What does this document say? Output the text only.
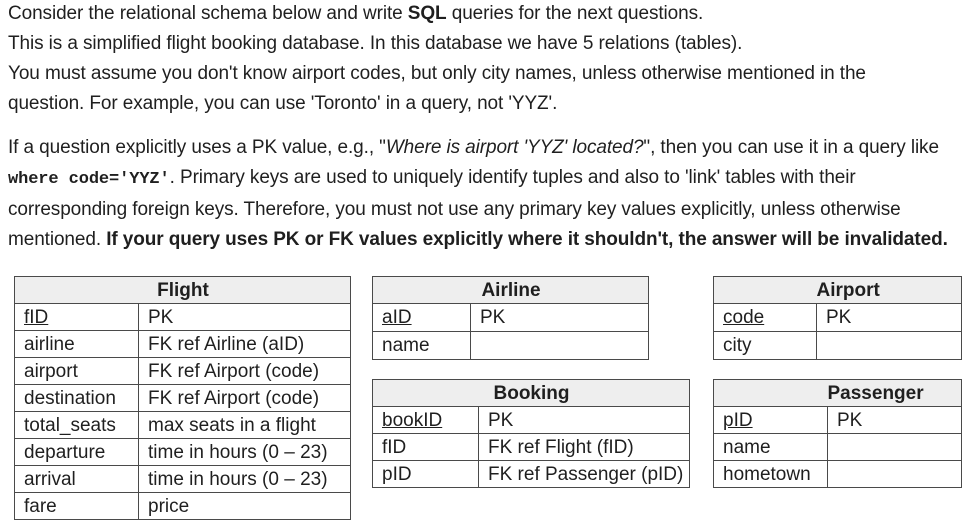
Consider the relational schema below and write SQL queries for the next questions.
This is a simplified flight booking database. In this database we have 5 relations (tables).
You must assume you don't know airport codes, but only city names, unless otherwise mentioned in the
question. For example, you can use 'Toronto' in a query, not 'YYZ'.
If a question explicitly uses a PK value, e.g., "Where is airport 'YYZ' located?", then you can use it in a query like
where code='YYZ'. Primary keys are used to uniquely identify tuples and also to 'link' tables with their
corresponding foreign keys. Therefore, you must not use any primary key values explicitly, unless otherwise
mentioned. If your query uses PK or FK values explicitly where it shouldn't, the answer will be invalidated.
	Flight
fID	PK
airline	FK ref Airline (aID)
airport	FK ref Airport (code)
destination	FK ref Airport (code)
total_seats	max seats in a flight
departure	time in hours (0 – 23)
arrival	time in hours (0 – 23)
fare	price
	Airline
aID	PK
name	
	Airport
code	PK
city	
	Booking
bookID	PK
fID	FK ref Flight (fID)
pID	FK ref Passenger (pID)
	Passenger
pID	PK
name	
hometown	
